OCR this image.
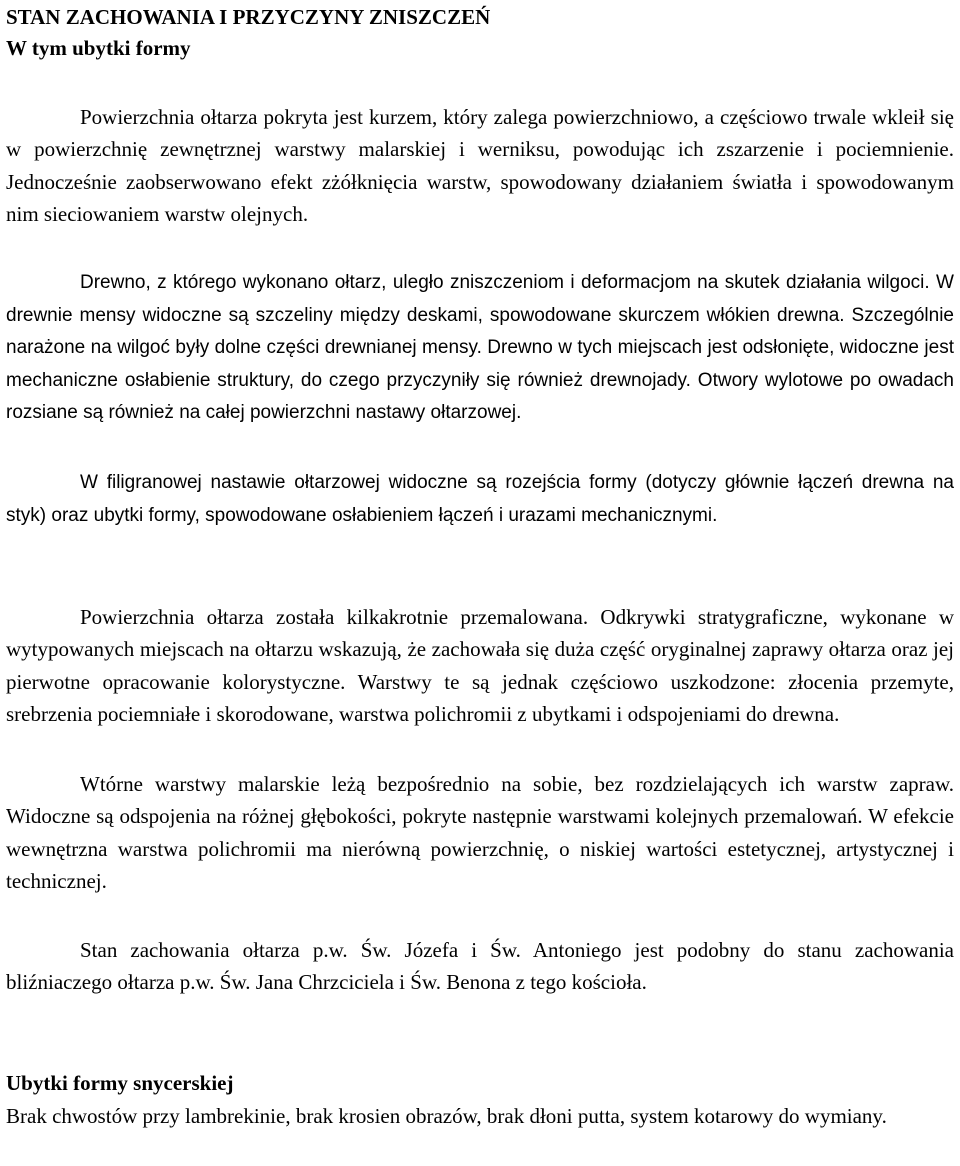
STAN ZACHOWANIA I PRZYCZYNY ZNISZCZEŃ
W tym ubytki formy

Powierzchnia ołtarza pokryta jest kurzem, który zalega powierzchniowo, a częściowo trwale wkleił się w powierzchnię zewnętrznej warstwy malarskiej i werniksu, powodując ich zszarzenie i pociemnienie. Jednocześnie zaobserwowano efekt zżółknięcia warstw, spowodowany działaniem światła i spowodowanym nim sieciowaniem warstw olejnych.

Drewno, z którego wykonano ołtarz, uległo zniszczeniom i deformacjom na skutek działania wilgoci. W drewnie mensy widoczne są szczeliny między deskami, spowodowane skurczem włókien drewna. Szczególnie narażone na wilgoć były dolne części drewnianej mensy. Drewno w tych miejscach jest odsłonięte, widoczne jest mechaniczne osłabienie struktury, do czego przyczyniły się również drewnojady. Otwory wylotowe po owadach rozsiane są również na całej powierzchni nastawy ołtarzowej.

W filigranowej nastawie ołtarzowej widoczne są rozejścia formy (dotyczy głównie łączeń drewna na styk) oraz ubytki formy, spowodowane osłabieniem łączeń i urazami mechanicznymi.

Powierzchnia ołtarza została kilkakrotnie przemalowana. Odkrywki stratygraficzne, wykonane w wytypowanych miejscach na ołtarzu wskazują, że zachowała się duża część oryginalnej zaprawy ołtarza oraz jej pierwotne opracowanie kolorystyczne. Warstwy te są jednak częściowo uszkodzone: złocenia przemyte, srebrzenia pociemniałe i skorodowane, warstwa polichromii z ubytkami i odspojeniami do drewna.

Wtórne warstwy malarskie leżą bezpośrednio na sobie, bez rozdzielających ich warstw zapraw. Widoczne są odspojenia na różnej głębokości, pokryte następnie warstwami kolejnych przemalowań. W efekcie wewnętrzna warstwa polichromii ma nierówną powierzchnię, o niskiej wartości estetycznej, artystycznej i technicznej.

Stan zachowania ołtarza p.w. Św. Józefa i Św. Antoniego jest podobny do stanu zachowania bliźniaczego ołtarza p.w. Św. Jana Chrzciciela i Św. Benona z tego kościoła.

Ubytki formy snycerskiej

Brak chwostów przy lambrekinie, brak krosien obrazów, brak dłoni putta, system kotarowy do wymiany.
